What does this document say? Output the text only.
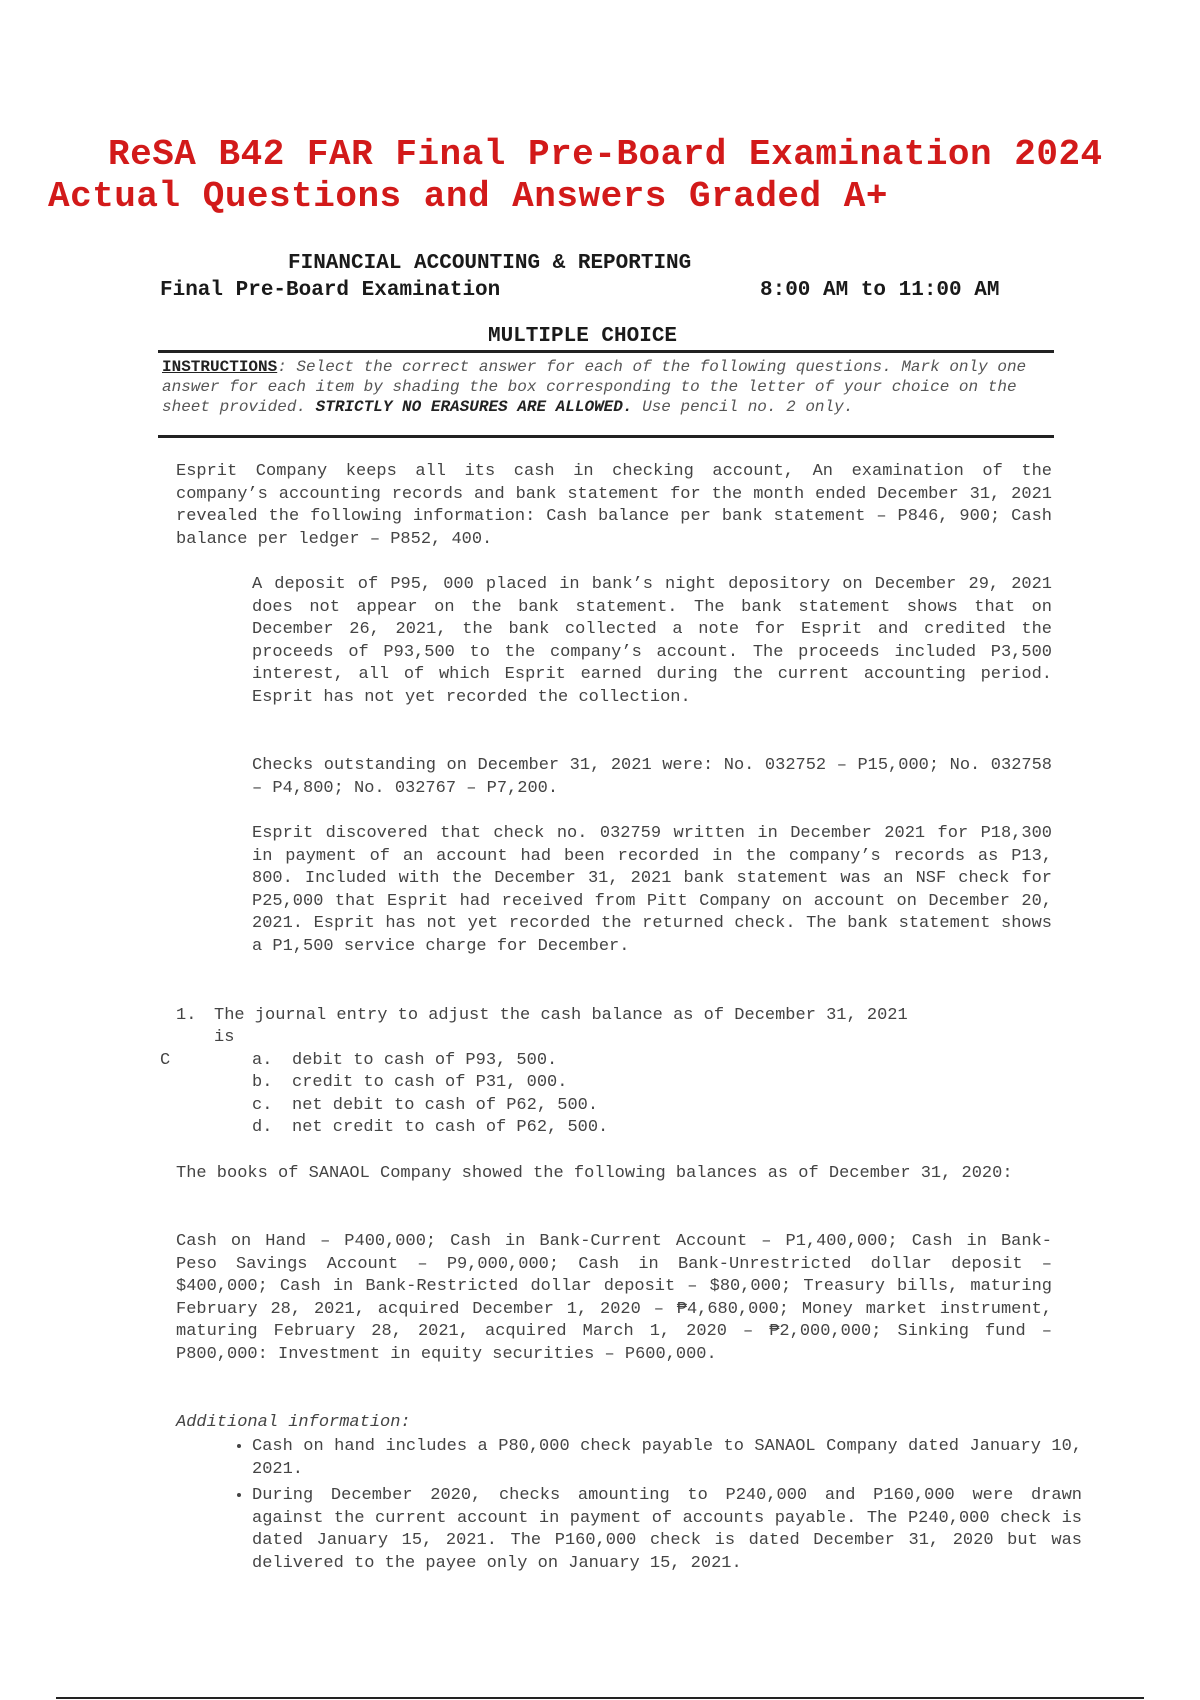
ReSA B42 FAR Final Pre-Board Examination 2024
Actual Questions and Answers Graded A+
FINANCIAL ACCOUNTING & REPORTING
Final Pre-Board Examination	8:00 AM to 11:00 AM
MULTIPLE CHOICE
INSTRUCTIONS: Select the correct answer for each of the following questions. Mark only one answer for each item by shading the box corresponding to the letter of your choice on the sheet provided. STRICTLY NO ERASURES ARE ALLOWED. Use pencil no. 2 only.
Esprit Company keeps all its cash in checking account, An examination of the company’s accounting records and bank statement for the month ended December 31, 2021 revealed the following information: Cash balance per bank statement – P846, 900; Cash balance per ledger – P852, 400.
A deposit of P95, 000 placed in bank’s night depository on December 29, 2021 does not appear on the bank statement. The bank statement shows that on December 26, 2021, the bank collected a note for Esprit and credited the proceeds of P93,500 to the company’s account. The proceeds included P3,500 interest, all of which Esprit earned during the current accounting period. Esprit has not yet recorded the collection.
Checks outstanding on December 31, 2021 were: No. 032752 – P15,000; No. 032758 – P4,800; No. 032767 – P7,200.
Esprit discovered that check no. 032759 written in December 2021 for P18,300 in payment of an account had been recorded in the company’s records as P13, 800. Included with the December 31, 2021 bank statement was an NSF check for P25,000 that Esprit had received from Pitt Company on account on December 20, 2021. Esprit has not yet recorded the returned check. The bank statement shows a P1,500 service charge for December.
1. The journal entry to adjust the cash balance as of December 31, 2021
is
C	a. debit to cash of P93, 500.
b. credit to cash of P31, 000.
c. net debit to cash of P62, 500.
d. net credit to cash of P62, 500.
The books of SANAOL Company showed the following balances as of December 31, 2020:
Cash on Hand – P400,000; Cash in Bank-Current Account – P1,400,000; Cash in Bank- Peso Savings Account – P9,000,000; Cash in Bank-Unrestricted dollar deposit – $400,000; Cash in Bank-Restricted dollar deposit – $80,000; Treasury bills, maturing February 28, 2021, acquired December 1, 2020 – ₱4,680,000; Money market instrument, maturing February 28, 2021, acquired March 1, 2020 – ₱2,000,000; Sinking fund – P800,000: Investment in equity securities – P600,000.
Additional information:
• Cash on hand includes a P80,000 check payable to SANAOL Company dated January 10, 2021.
• During December 2020, checks amounting to P240,000 and P160,000 were drawn against the current account in payment of accounts payable. The P240,000 check is dated January 15, 2021. The P160,000 check is dated December 31, 2020 but was delivered to the payee only on January 15, 2021.
